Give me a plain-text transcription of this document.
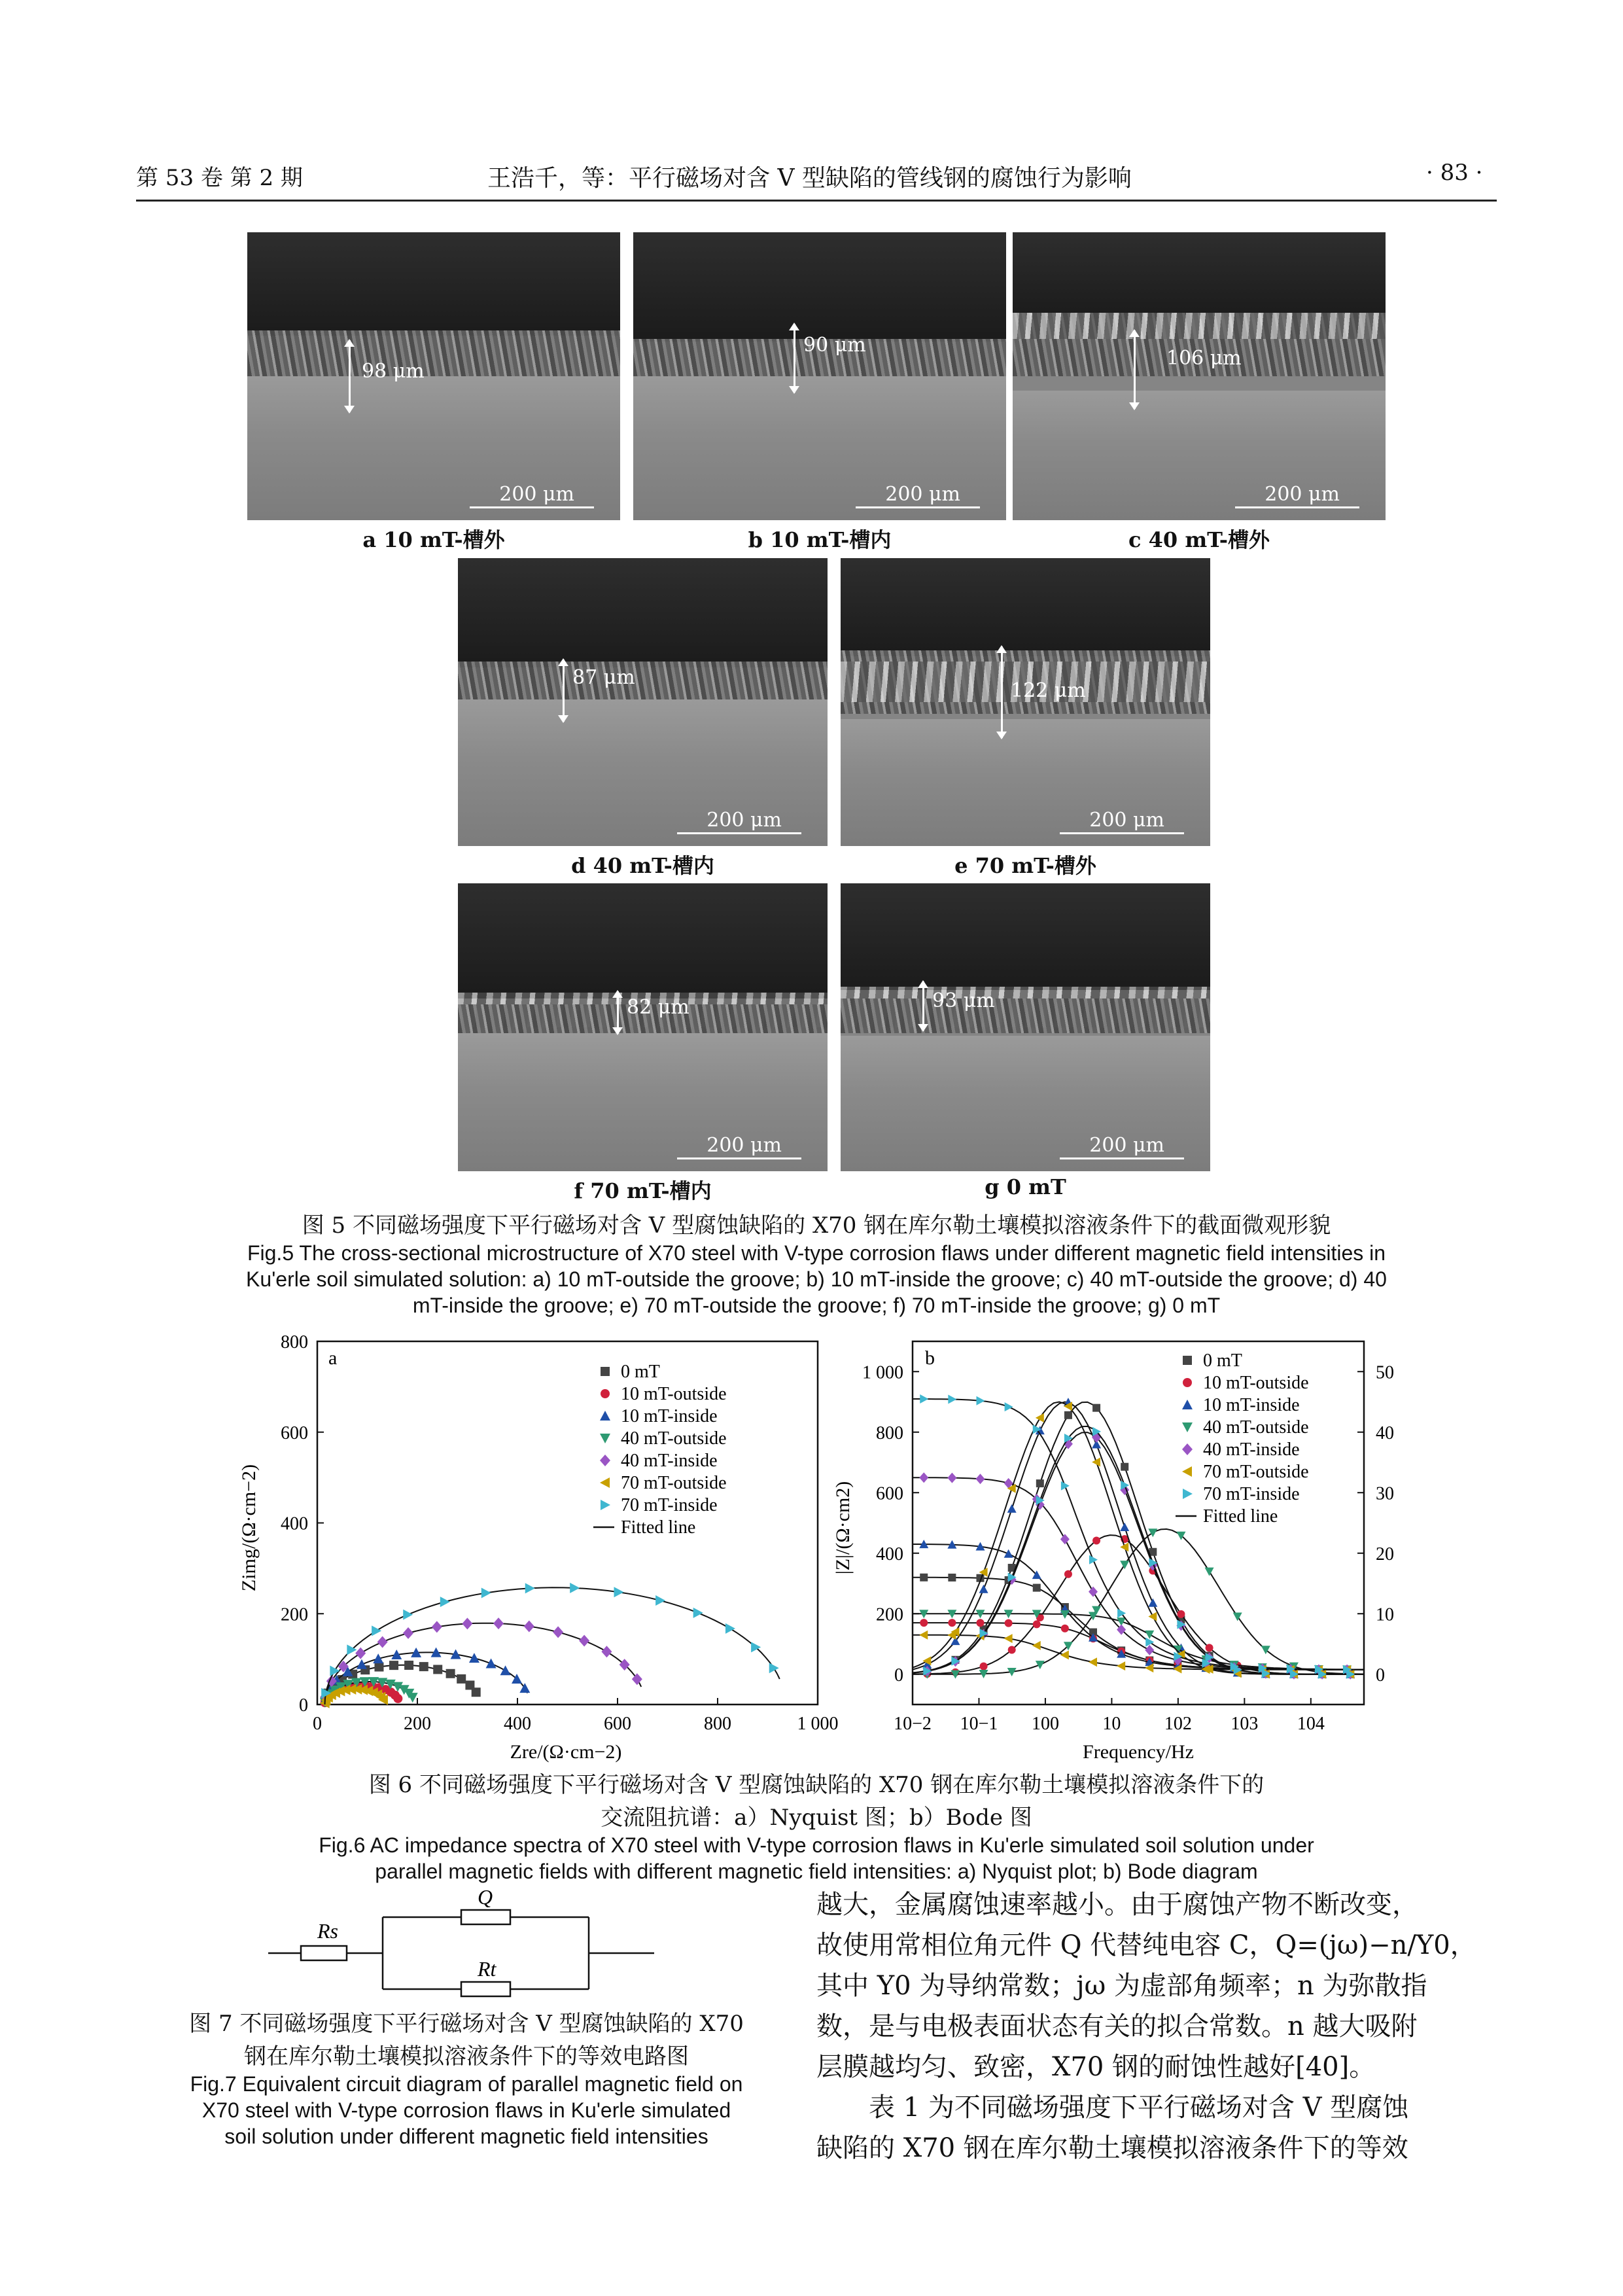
第 53 卷 第 2 期	王浩千，等：平行磁场对含 V 型缺陷的管线钢的腐蚀行为影响	· 83 ·
98 μm
200 μm
a 10 mT-槽外
90 μm
200 μm
b 10 mT-槽内
106 μm
200 μm
c 40 mT-槽外
87 μm
200 μm
d 40 mT-槽内
122 μm
200 μm
e 70 mT-槽外
82 μm
200 μm
f 70 mT-槽内
93 μm
200 μm
g 0 mT
图 5 不同磁场强度下平行磁场对含 V 型腐蚀缺陷的 X70 钢在库尔勒土壤模拟溶液条件下的截面微观形貌
Fig.5 The cross-sectional microstructure of X70 steel with V-type corrosion flaws under different magnetic field intensities in
Ku'erle soil simulated solution: a) 10 mT-outside the groove; b) 10 mT-inside the groove; c) 40 mT-outside the groove; d) 40
mT-inside the groove; e) 70 mT-outside the groove; f) 70 mT-inside the groove; g) 0 mT
a
0
200
400
600
800
0	200	400	600	800	1 000
0 mT
10 mT-outside
10 mT-inside
40 mT-outside
40 mT-inside
70 mT-outside
70 mT-inside
Fitted line
Zre/(Ω·cm−2)
Zimg/(Ω·cm−2)
b
0
200
400
600
800
1 000
0
10
20
30
40
50
10−2 10−1 100 10 102 103 104
0 mT
10 mT-outside
10 mT-inside
40 mT-outside
40 mT-inside
70 mT-outside
70 mT-inside
Fitted line
Frequency/Hz
|Z|/(Ω·cm2)
图 6 不同磁场强度下平行磁场对含 V 型腐蚀缺陷的 X70 钢在库尔勒土壤模拟溶液条件下的
交流阻抗谱：a）Nyquist 图；b）Bode 图
Fig.6 AC impedance spectra of X70 steel with V-type corrosion flaws in Ku'erle simulated soil solution under
parallel magnetic fields with different magnetic field intensities: a) Nyquist plot; b) Bode diagram
Rs
Q
Rt
图 7 不同磁场强度下平行磁场对含 V 型腐蚀缺陷的 X70
钢在库尔勒土壤模拟溶液条件下的等效电路图
Fig.7 Equivalent circuit diagram of parallel magnetic field on
X70 steel with V-type corrosion flaws in Ku'erle simulated
soil solution under different magnetic field intensities
越大，金属腐蚀速率越小。由于腐蚀产物不断改变，
故使用常相位角元件 Q 代替纯电容 C，Q=(jω)−n/Y0，
其中 Y0 为导纳常数；jω 为虚部角频率；n 为弥散指
数，是与电极表面状态有关的拟合常数。n 越大吸附
层膜越均匀、致密，X70 钢的耐蚀性越好[40]。
表 1 为不同磁场强度下平行磁场对含 V 型腐蚀
缺陷的 X70 钢在库尔勒土壤模拟溶液条件下的等效
